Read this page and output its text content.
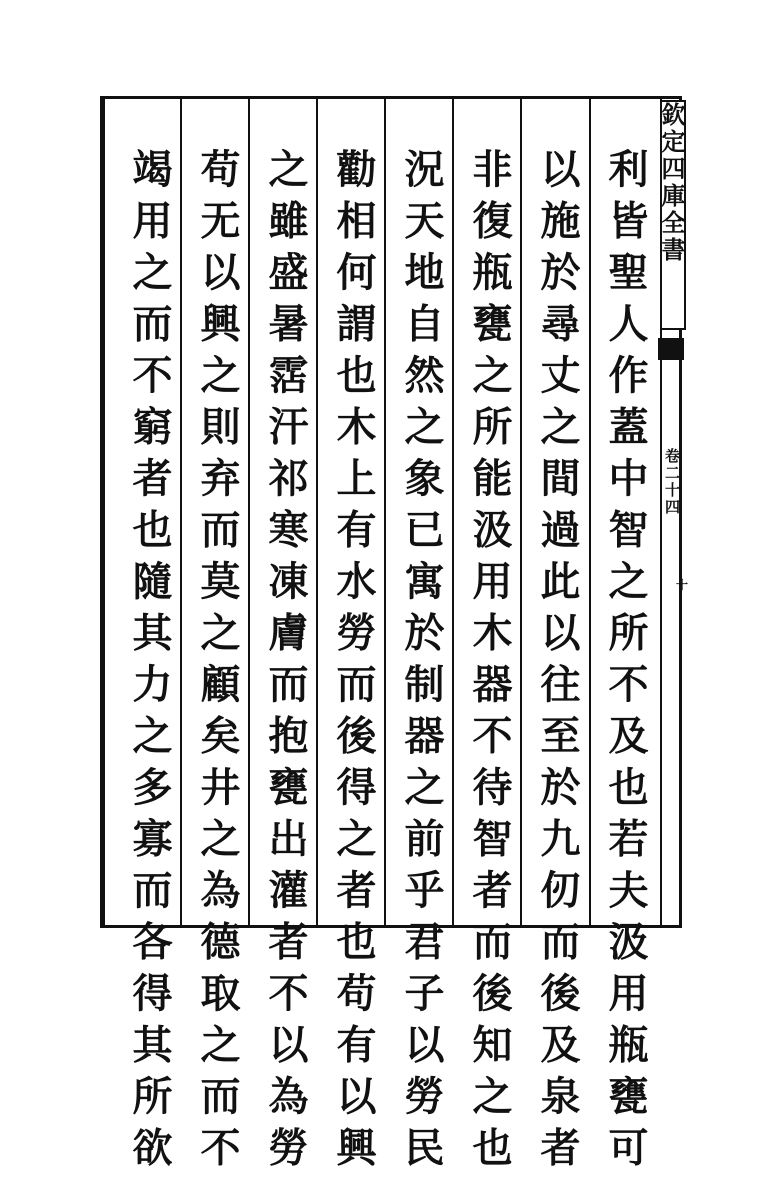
利皆聖人作蓋中智之所不及也若夫汲用瓶甕可
以施於尋丈之間過此以往至於九仞而後及泉者
非復瓶甕之所能汲用木器不待智者而後知之也
況天地自然之象已寓於制器之前乎君子以勞民
勸相何謂也木上有水勞而後得之者也苟有以興
之雖盛暑霑汗祁寒凍膚而抱甕出灌者不以為勞
苟无以興之則弃而莫之顧矣井之為德取之而不
竭用之而不窮者也隨其力之多寡而各得其所欲	欽定四庫全書
卷二十四
十
